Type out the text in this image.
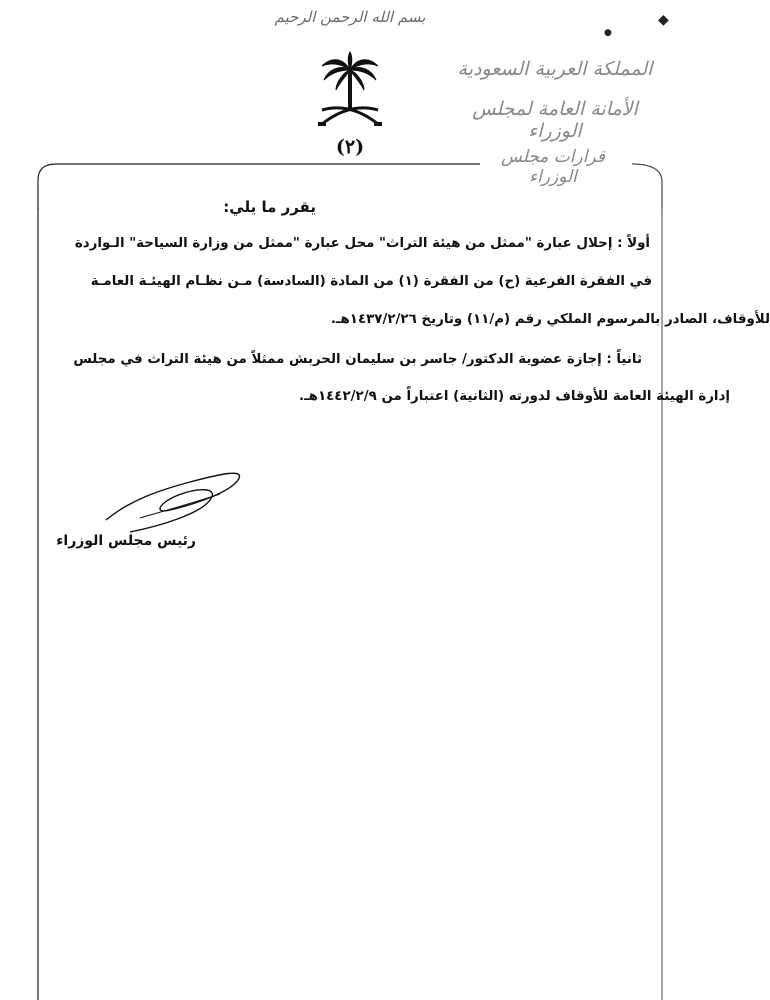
بسم الله الرحمن الرحيم
(٢)
◆
●
المملكة العربية السعودية
الأمانة العامة لمجلس الوزراء
قرارات مجلس الوزراء
يقرر ما يلي:
أولاً : إحلال عبارة "ممثل من هيئة التراث" محل عبارة "ممثل من وزارة السياحة" الـواردة
في الفقرة الفرعية (ح) من الفقرة (١) من المادة (السادسة) مـن نظـام الهيئـة العامـة
للأوقاف، الصادر بالمرسوم الملكي رقم (م/١١) وتاريخ ١٤٣٧/٢/٢٦هـ.
ثانياً : إجازة عضوية الدكتور/ جاسر بن سليمان الحربش ممثلاً من هيئة التراث في مجلس
إدارة الهيئة العامة للأوقاف لدورته (الثانية) اعتباراً من ١٤٤٢/٢/٩هـ.
رئيس مجلس الوزراء
